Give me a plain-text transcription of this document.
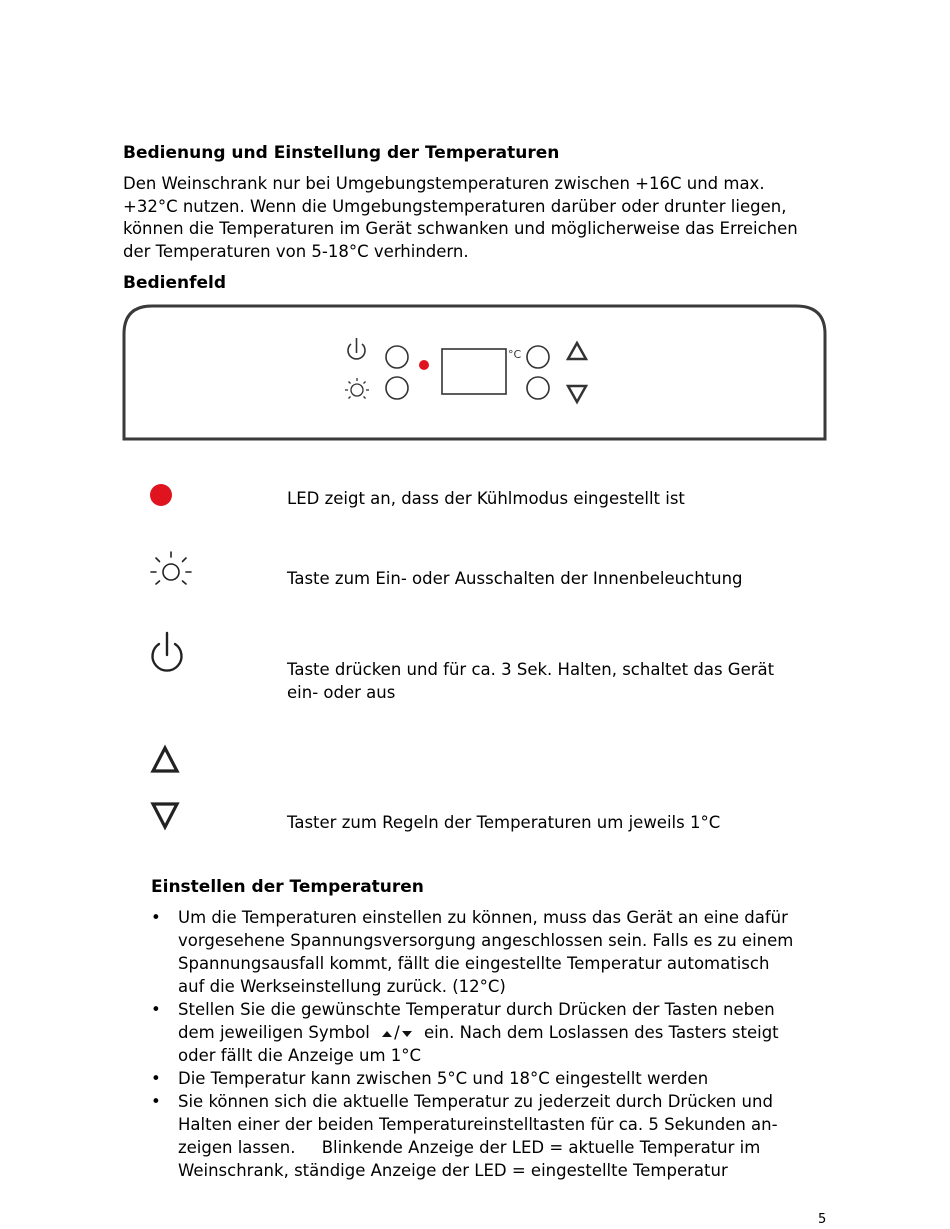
Bedienung und Einstellung der Temperaturen
Den Weinschrank nur bei Umgebungstemperaturen zwischen +16C und max.
+32°C nutzen. Wenn die Umgebungstemperaturen darüber oder drunter liegen,
können die Temperaturen im Gerät schwanken und möglicherweise das Erreichen
der Temperaturen von 5-18°C verhindern.
Bedienfeld
°C
LED zeigt an, dass der Kühlmodus eingestellt ist
Taste zum Ein- oder Ausschalten der Innenbeleuchtung
Taste drücken und für ca. 3 Sek. Halten, schaltet das Gerät
ein- oder aus
Taster zum Regeln der Temperaturen um jeweils 1°C
Einstellen der Temperaturen
• Um die Temperaturen einstellen zu können, muss das Gerät an eine dafür
vorgesehene Spannungsversorgung angeschlossen sein. Falls es zu einem
Spannungsausfall kommt, fällt die eingestellte Temperatur automatisch
auf die Werkseinstellung zurück. (12°C)
• Stellen Sie die gewünschte Temperatur durch Drücken der Tasten neben
dem jeweiligen Symbol / ein. Nach dem Loslassen des Tasters steigt
oder fällt die Anzeige um 1°C
• Die Temperatur kann zwischen 5°C und 18°C eingestellt werden
• Sie können sich die aktuelle Temperatur zu jederzeit durch Drücken und
Halten einer der beiden Temperatureinstelltasten für ca. 5 Sekunden an-
zeigen lassen.     Blinkende Anzeige der LED = aktuelle Temperatur im
Weinschrank, ständige Anzeige der LED = eingestellte Temperatur
5
